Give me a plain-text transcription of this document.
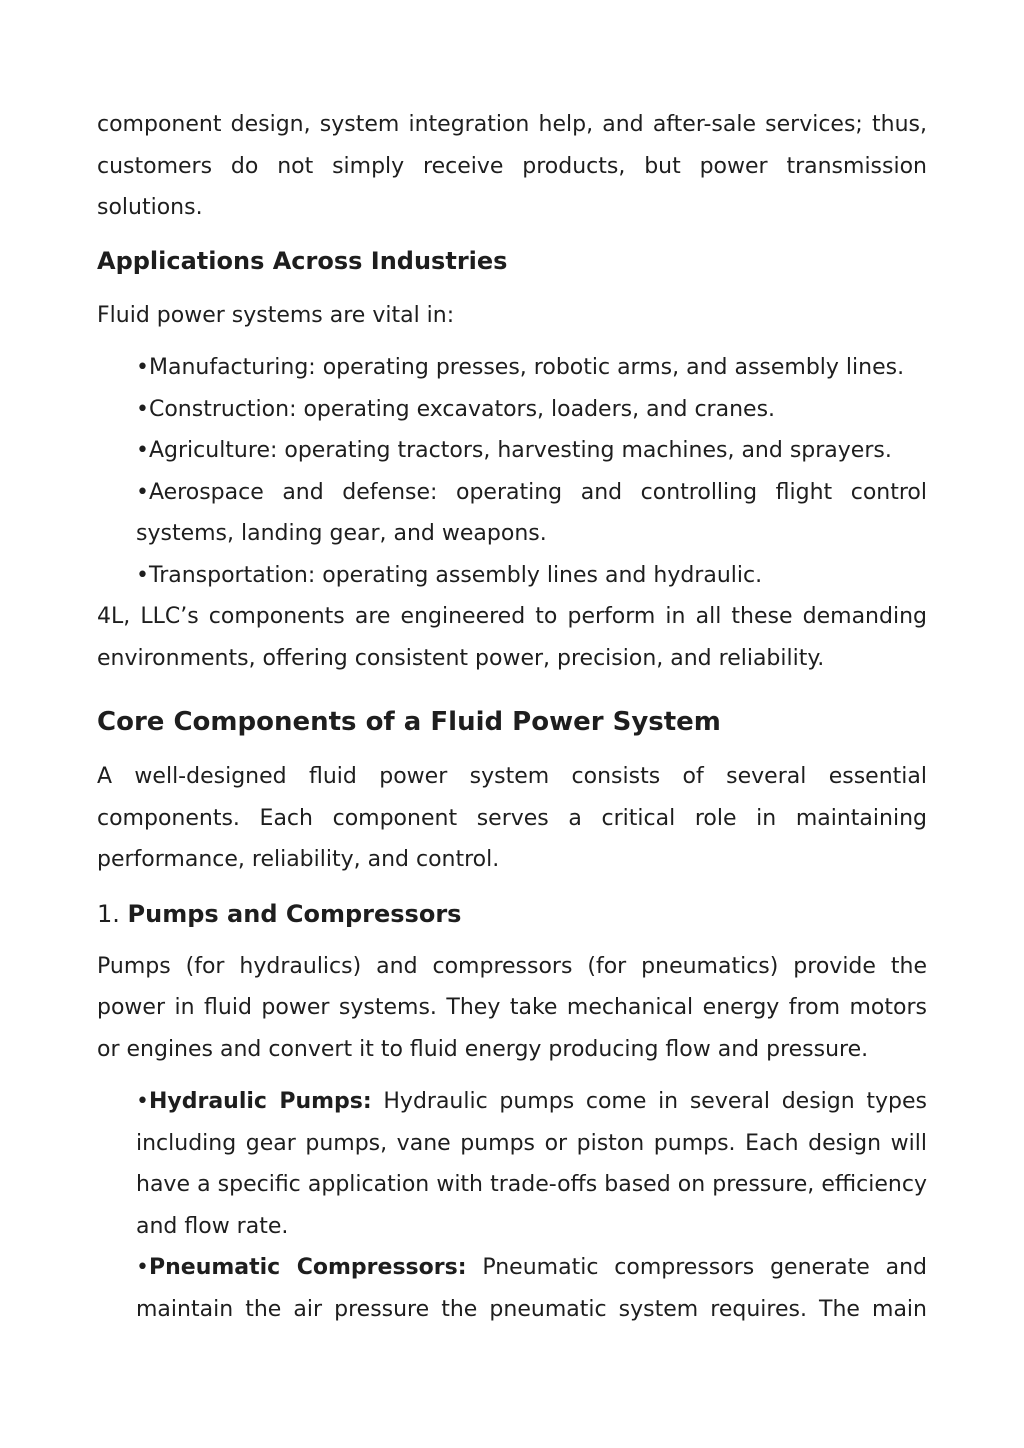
component design, system integration help, and after-sale services; thus, customers do not simply receive products, but power transmission solutions.

Applications Across Industries

Fluid power systems are vital in:

•Manufacturing: operating presses, robotic arms, and assembly lines.

•Construction: operating excavators, loaders, and cranes.

•Agriculture: operating tractors, harvesting machines, and sprayers.

•Aerospace and defense: operating and controlling flight control systems, landing gear, and weapons.

•Transportation: operating assembly lines and hydraulic.

4L, LLC’s components are engineered to perform in all these demanding environments, offering consistent power, precision, and reliability.

Core Components of a Fluid Power System

A well-designed fluid power system consists of several essential components. Each component serves a critical role in maintaining performance, reliability, and control.

1. Pumps and Compressors

Pumps (for hydraulics) and compressors (for pneumatics) provide the power in fluid power systems. They take mechanical energy from motors or engines and convert it to fluid energy producing flow and pressure.

•Hydraulic Pumps: Hydraulic pumps come in several design types including gear pumps, vane pumps or piston pumps. Each design will have a specific application with trade-offs based on pressure, efficiency and flow rate.

•Pneumatic Compressors: Pneumatic compressors generate and maintain the air pressure the pneumatic system requires. The main
